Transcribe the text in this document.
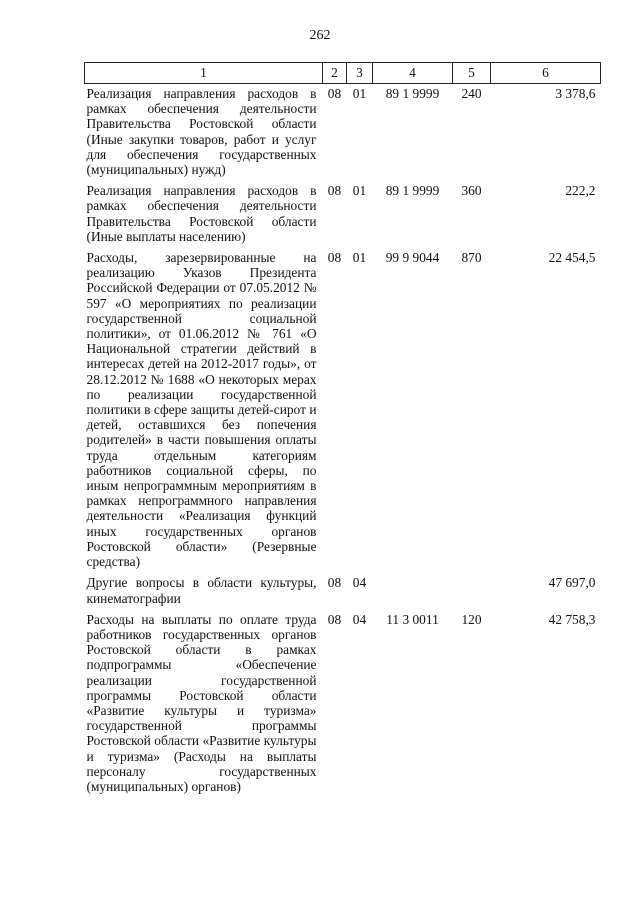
262
1	2	3	4	5	6
Реализация направления расходов в рамках обеспечения деятельности Правительства Ростовской области (Иные закупки товаров, работ и услуг для обеспечения государственных (муниципальных) нужд)	08	01	89 1 9999	240	3 378,6
Реализация направления расходов в рамках обеспечения деятельности Правительства Ростовской области (Иные выплаты населению)	08	01	89 1 9999	360	222,2
Расходы, зарезервированные на реализацию Указов Президента Российской Федерации от 07.05.2012 № 597 «О мероприятиях по реализации государственной социальной политики», от 01.06.2012 № 761 «О Национальной стратегии действий в интересах детей на 2012-2017 годы», от 28.12.2012 № 1688 «О некоторых мерах по реализации государственной политики в сфере защиты детей-сирот и детей, оставшихся без попечения родителей» в части повышения оплаты труда отдельным категориям работников социальной сферы, по иным непрограммным мероприятиям в рамках непрограммного направления деятельности «Реализация функций иных государственных органов Ростовской области» (Резервные средства)	08	01	99 9 9044	870	22 454,5
Другие вопросы в области культуры, кинематографии	08	04			47 697,0
Расходы на выплаты по оплате труда работников государственных органов Ростовской области в рамках подпрограммы «Обеспечение реализации государственной программы Ростовской области «Развитие культуры и туризма» государственной программы Ростовской области «Развитие культуры и туризма» (Расходы на выплаты персоналу государственных (муниципальных) органов)	08	04	11 3 0011	120	42 758,3
